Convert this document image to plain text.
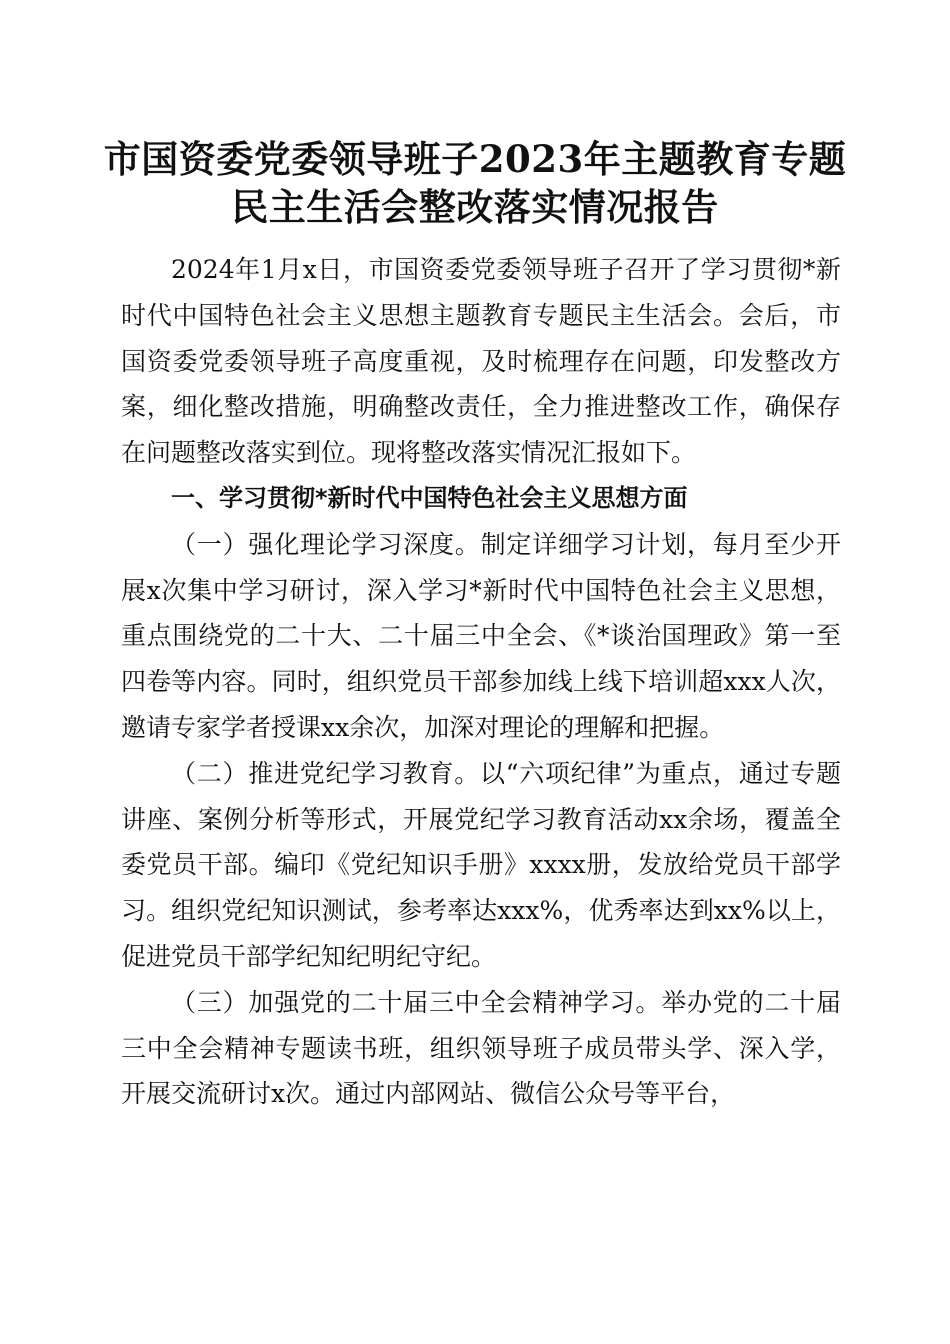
市国资委党委领导班子2023年主题教育专题
民主生活会整改落实情况报告

2024年1月x日，市国资委党委领导班子召开了学习贯彻*新时代中国特色社会主义思想主题教育专题民主生活会。会后，市国资委党委领导班子高度重视，及时梳理存在问题，印发整改方案，细化整改措施，明确整改责任，全力推进整改工作，确保存在问题整改落实到位。现将整改落实情况汇报如下。

一、学习贯彻*新时代中国特色社会主义思想方面

（一）强化理论学习深度。制定详细学习计划，每月至少开展x次集中学习研讨，深入学习*新时代中国特色社会主义思想，重点围绕党的二十大、二十届三中全会、《*谈治国理政》第一至四卷等内容。同时，组织党员干部参加线上线下培训超xxx人次，邀请专家学者授课xx余次，加深对理论的理解和把握。

（二）推进党纪学习教育。以“六项纪律”为重点，通过专题讲座、案例分析等形式，开展党纪学习教育活动xx余场，覆盖全委党员干部。编印《党纪知识手册》xxxx册，发放给党员干部学习。组织党纪知识测试，参考率达xxx%，优秀率达到xx%以上，促进党员干部学纪知纪明纪守纪。

（三）加强党的二十届三中全会精神学习。举办党的二十届三中全会精神专题读书班，组织领导班子成员带头学、深入学，开展交流研讨x次。通过内部网站、微信公众号等平台，
